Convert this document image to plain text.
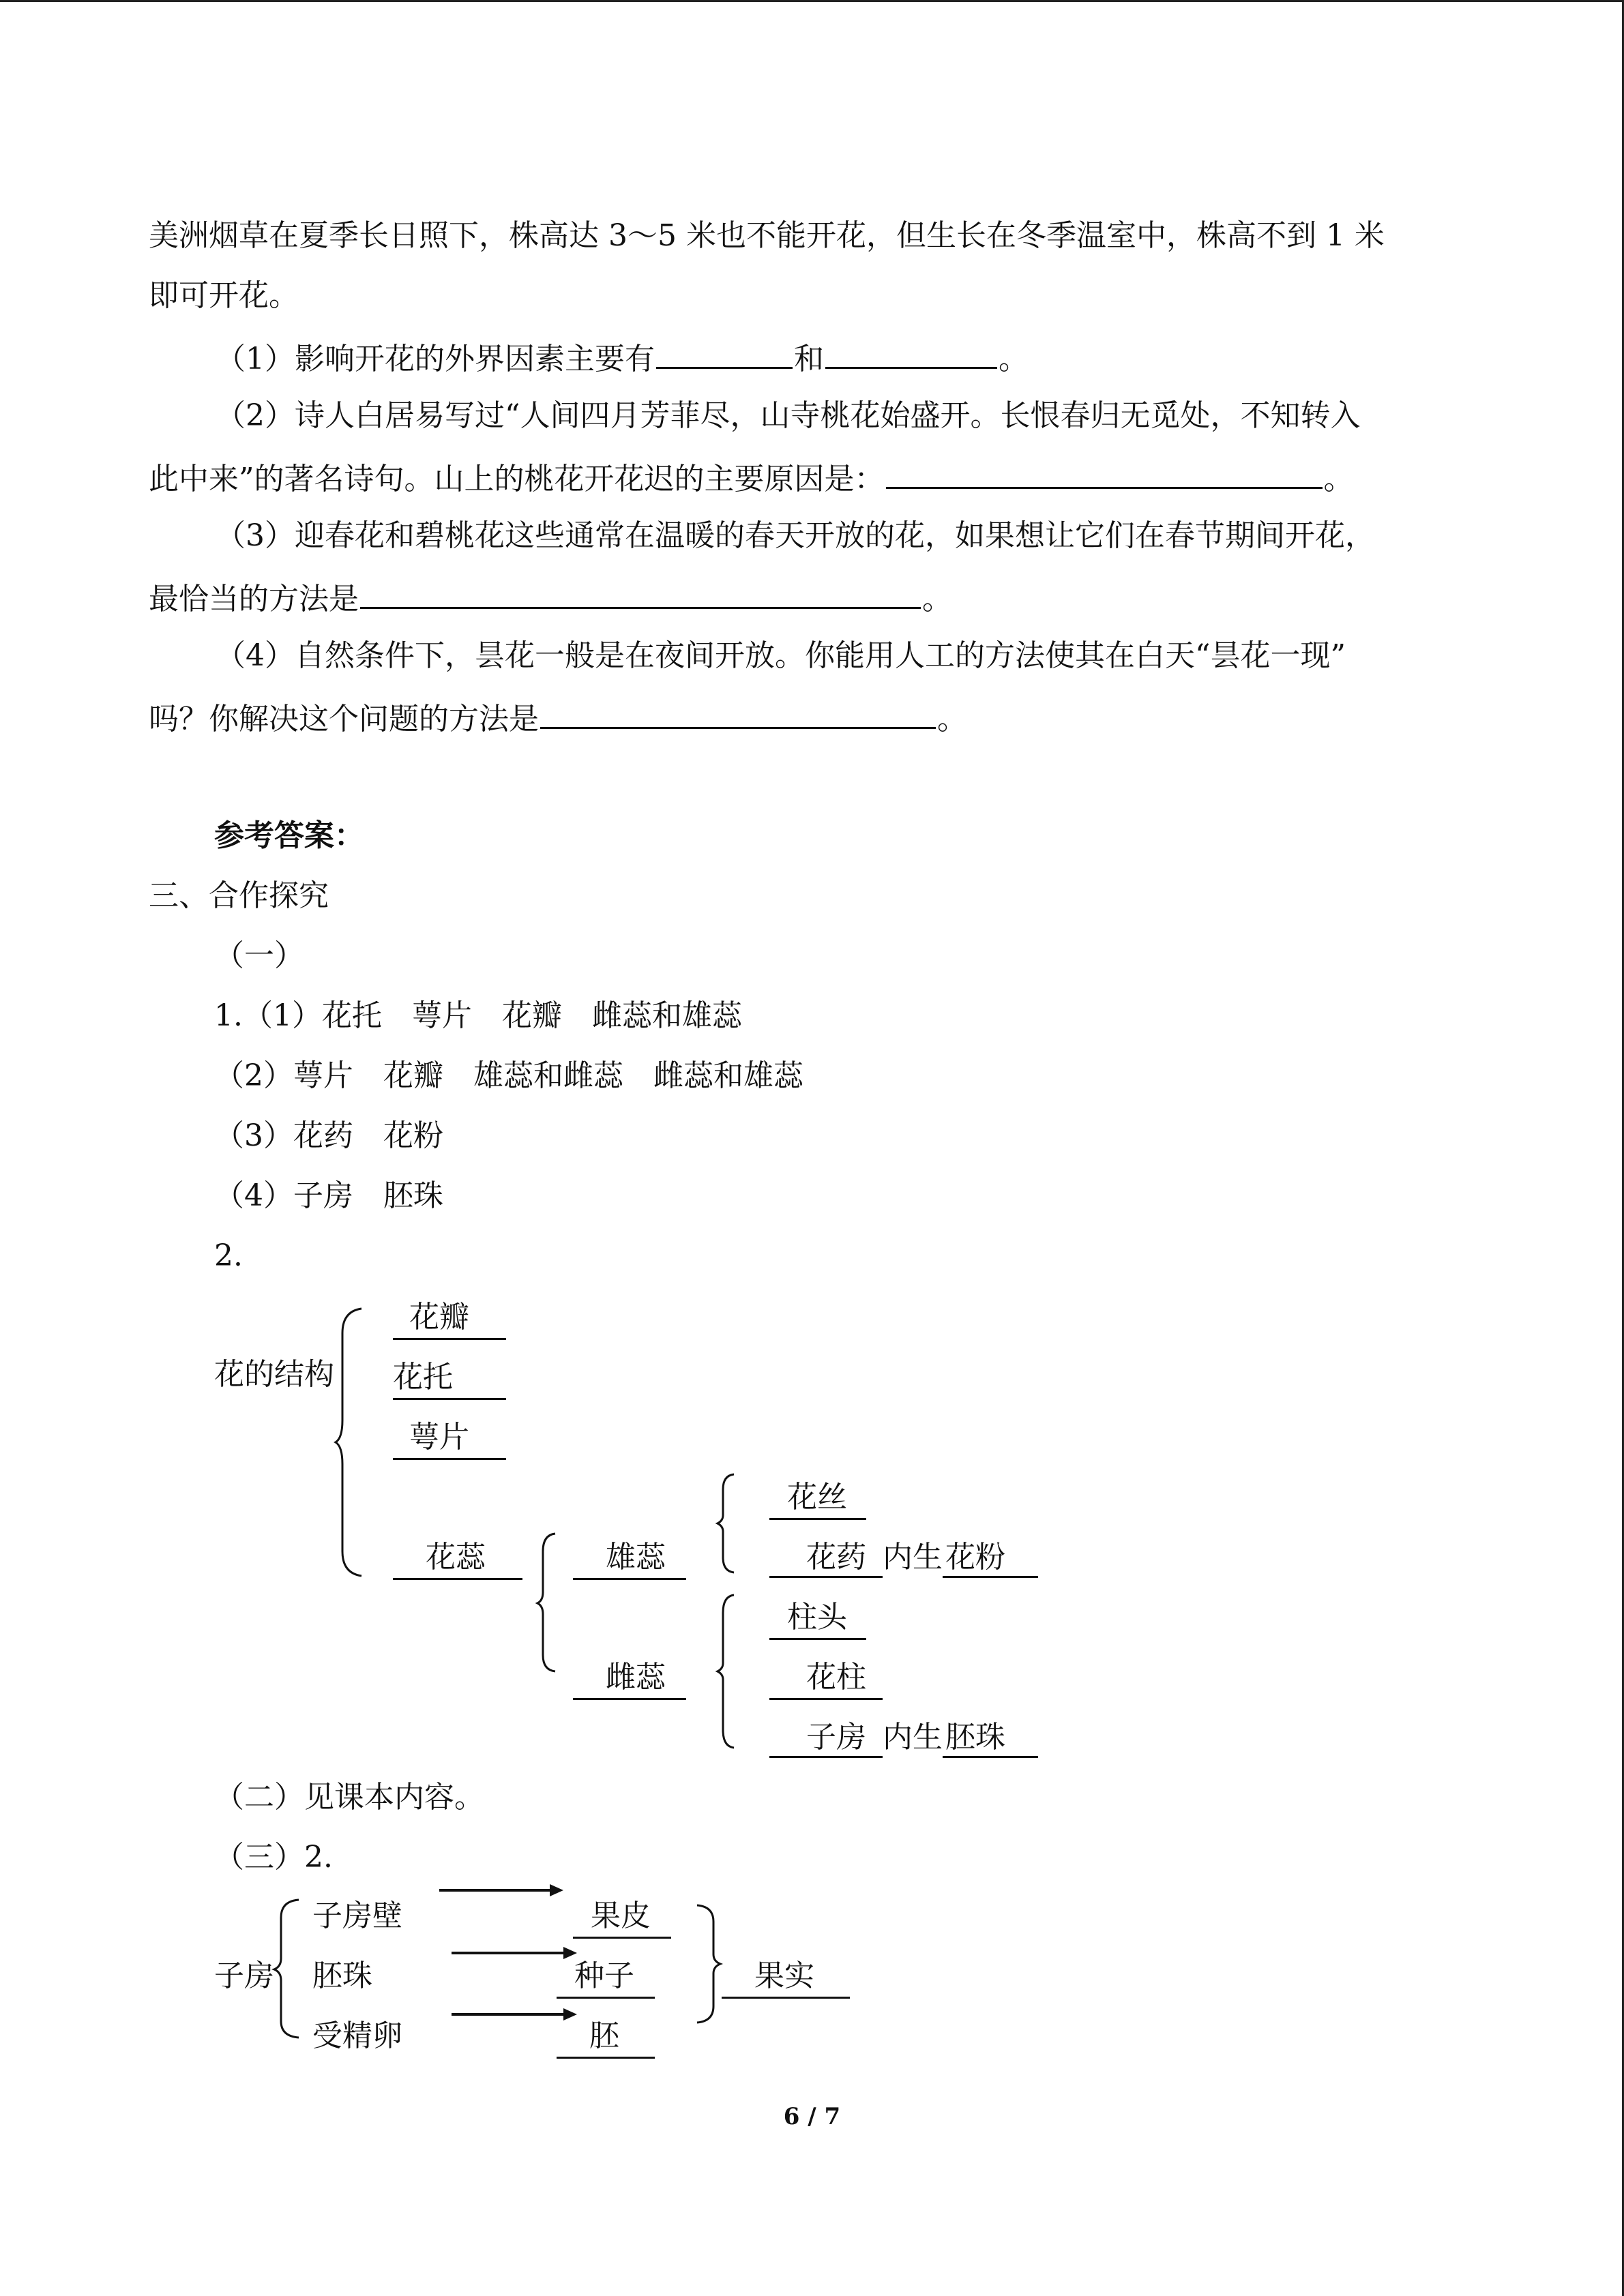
美洲烟草在夏季长日照下，株高达 3～5 米也不能开花，但生长在冬季温室中，株高不到 1 米
即可开花。
（1）影响开花的外界因素主要有	和	。
（2）诗人白居易写过“人间四月芳菲尽，山寺桃花始盛开。长恨春归无觅处，不知转入
此中来”的著名诗句。山上的桃花开花迟的主要原因是：	。
（3）迎春花和碧桃花这些通常在温暖的春天开放的花，如果想让它们在春节期间开花，
最恰当的方法是	。
（4）自然条件下，昙花一般是在夜间开放。你能用人工的方法使其在白天“昙花一现”
吗？你解决这个问题的方法是	。
参考答案：
三、合作探究
（一）
1.（1）花托　萼片　花瓣　雌蕊和雄蕊
（2）萼片　花瓣　雄蕊和雌蕊　雌蕊和雄蕊
（3）花药　花粉
（4）子房　胚珠
2.
花的结构
花瓣
花托
萼片
花蕊	雄蕊
雌蕊
花丝
花药 内生花粉
柱头
花柱
子房 内生胚珠
（二）见课本内容。
（三）2.
子房
子房壁
胚珠
受精卵
果皮
种子
胚
果实
6 / 7
